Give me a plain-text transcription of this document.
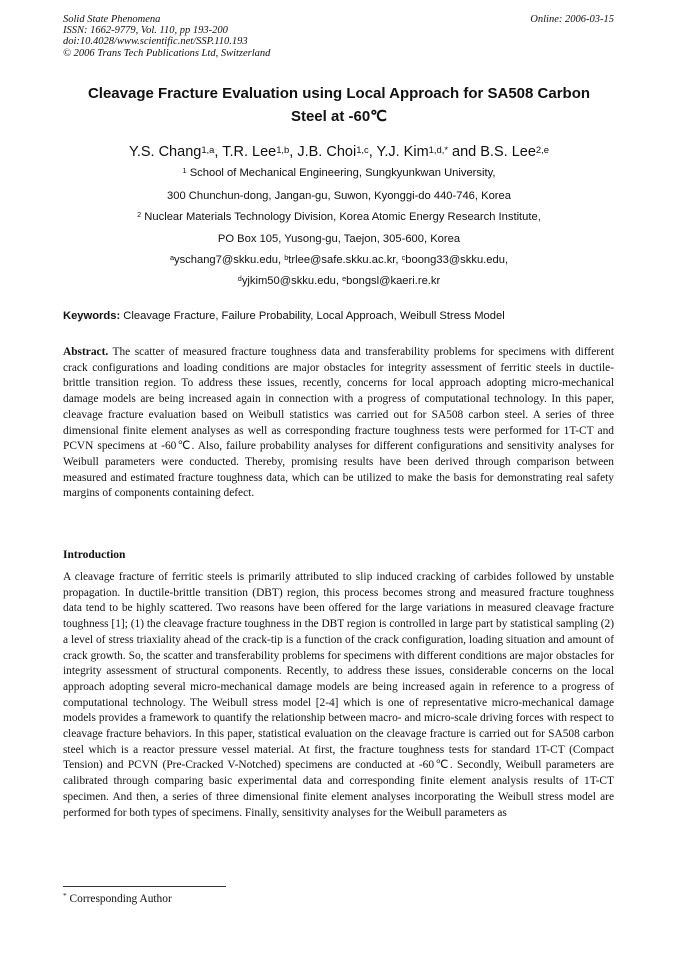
Solid State Phenomena
ISSN: 1662-9779, Vol. 110, pp 193-200
doi:10.4028/www.scientific.net/SSP.110.193
© 2006 Trans Tech Publications Ltd, Switzerland
Online: 2006-03-15
Cleavage Fracture Evaluation using Local Approach for SA508 Carbon
Steel at -60℃
Y.S. Chang$^{1,a}$, T.R. Lee$^{1,b}$, J.B. Choi$^{1,c}$, Y.J. Kim$^{1,d,*}$ and B.S. Lee$^{2,e}$
$^1$ School of Mechanical Engineering, Sungkyunkwan University,
300 Chunchun-dong, Jangan-gu, Suwon, Kyonggi-do 440-746, Korea
$^2$ Nuclear Materials Technology Division, Korea Atomic Energy Research Institute,
PO Box 105, Yusong-gu, Taejon, 305-600, Korea
$^a$yschang7@skku.edu, $^b$trlee@safe.skku.ac.kr, $^c$boong33@skku.edu,
$^d$yjkim50@skku.edu, $^e$bongsl@kaeri.re.kr
Keywords: Cleavage Fracture, Failure Probability, Local Approach, Weibull Stress Model
Abstract. The scatter of measured fracture toughness data and transferability problems for specimens with different crack configurations and loading conditions are major obstacles for integrity assessment of ferritic steels in ductile-brittle transition region. To address these issues, recently, concerns for local approach adopting micro-mechanical damage models are being increased again in connection with a progress of computational technology. In this paper, cleavage fracture evaluation based on Weibull statistics was carried out for SA508 carbon steel. A series of three dimensional finite element analyses as well as corresponding fracture toughness tests were performed for 1T-CT and PCVN specimens at -60℃. Also, failure probability analyses for different configurations and sensitivity analyses for Weibull parameters were conducted. Thereby, promising results have been derived through comparison between measured and estimated fracture toughness data, which can be utilized to make the basis for demonstrating real safety margins of components containing defect.
Introduction
A cleavage fracture of ferritic steels is primarily attributed to slip induced cracking of carbides followed by unstable propagation. In ductile-brittle transition (DBT) region, this process becomes strong and measured fracture toughness data tend to be highly scattered. Two reasons have been offered for the large variations in measured cleavage fracture toughness [1]; (1) the cleavage fracture toughness in the DBT region is controlled in large part by statistical sampling (2) a level of stress triaxiality ahead of the crack-tip is a function of the crack configuration, loading situation and amount of crack growth. So, the scatter and transferability problems for specimens with different conditions are major obstacles for integrity assessment of structural components. Recently, to address these issues, considerable concerns on the local approach adopting several micro-mechanical damage models are being increased again in reference to a progress of computational technology. The Weibull stress model [2-4] which is one of representative micro-mechanical damage models provides a framework to quantify the relationship between macro- and micro-scale driving forces with respect to cleavage fracture behaviors. In this paper, statistical evaluation on the cleavage fracture is carried out for SA508 carbon steel which is a reactor pressure vessel material. At first, the fracture toughness tests for standard 1T-CT (Compact Tension) and PCVN (Pre-Cracked V-Notched) specimens are conducted at -60℃. Secondly, Weibull parameters are calibrated through comparing basic experimental data and corresponding finite element analysis results of 1T-CT specimen. And then, a series of three dimensional finite element analyses incorporating the Weibull stress model are performed for both types of specimens. Finally, sensitivity analyses for the Weibull parameters as
* Corresponding Author
